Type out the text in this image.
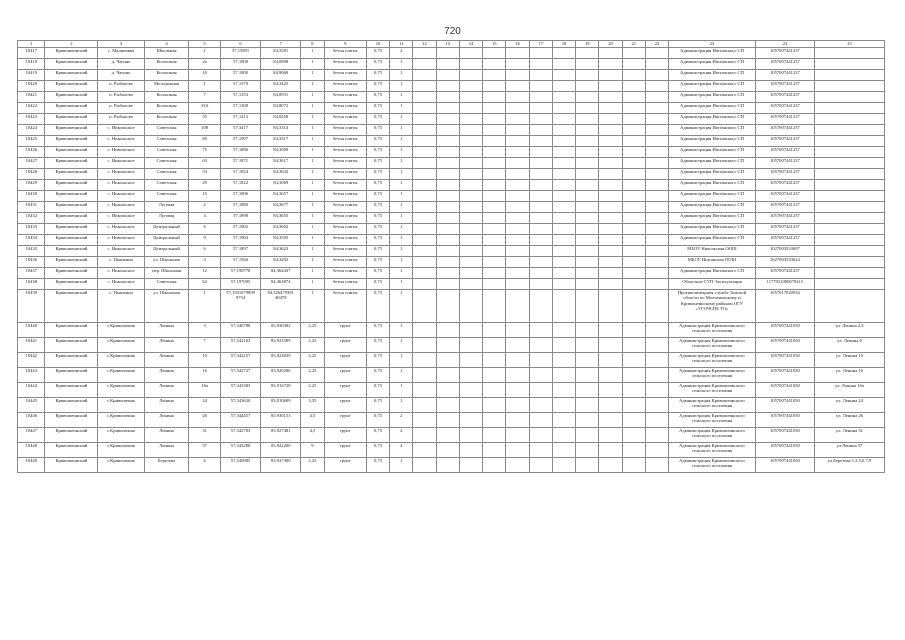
720
1	2	3	4	5	6	7	8	9	10	11	12	13	14	15	16	17	18	19	20	21	22	23	24	25
10417	Кривошеинский	с. Малиновка	Школьная	1	57,15891	84,3581	1	бетон плиты	0,75	2												Администрация Иштанского СП	1057007441237	
10418	Кривошеинский	д. Чагино	Колхозная	2а	57,1808	84,0898	1	бетон плиты	0,75	1												Администрация Иштанского СП	1057007441237	
10419	Кривошеинский	д. Чагино	Колхозная	10	57,1800	84,9069	1	бетон плиты	0,75	1												Администрация Иштанского СП	1057007441237	
10420	Кривошеинский	п. Рыбалово	Молодежная	1	57,1379	84,3425	1	бетон плиты	0,75	1												Администрация Иштанского СП	1057007441237	
10421	Кривошеинский	п. Рыбалово	Колхозная	7	57,1353	84,8931	1	бетон плиты	0,75	1												Администрация Иштанского СП	1057007441237	
10422	Кривошеинский	п. Рыбалово	Колхозная	33А	57,1300	84,8072	1	бетон плиты	0,75	1												Администрация Иштанского СП	1057007441237	
10423	Кривошеинский	п. Рыбалово	Колхозная	55	57,1413	84,8458	1	бетон плиты	0,75	1												Администрация Иштанского СП	1057007441237	
10424	Кривошеинский	с. Никольское	Советская	108	57,3417	84,3314	1	бетон плиты	0,75	1												Администрация Иштанского СП	1057007441237	
10425	Кривошеинский	с. Никольское	Советская	85	57,1997	84,3317	1	бетон плиты	0,75	1												Администрация Иштанского СП	1057007441237	
10426	Кривошеинский	с. Никольское	Советская	75	57,1886	84,3000	1	бетон плиты	0,75	1												Администрация Иштанского СП	1057007441237	
10427	Кривошеинский	с. Никольское	Советская	63	57,1871	84,3617	1	бетон плиты	0,75	1												Администрация Иштанского СП	1057007441237	
10428	Кривошеинский	с. Никольское	Советская	53	57,1854	84,3643	1	бетон плиты	0,75	1												Администрация Иштанского СП	1057007441237	
10429	Кривошеинский	с. Никольское	Советская	29	57,1822	84,3069	1	бетон плиты	0,75	1												Администрация Иштанского СП	1057007441237	
10430	Кривошеинский	с. Никольское	Советская	15	57,1806	84,3657	1	бетон плиты	0,75	1												Администрация Иштанского СП	1057007441237	
10431	Кривошеинский	с. Никольское	Луговая	2	57,1889	84,3677	1	бетон плиты	0,75	1												Администрация Иштанского СП	1057007441237	
10432	Кривошеинский	с. Никольское	Луговая	4	57,1898	84,3655	1	бетон плиты	0,75	1												Администрация Иштанского СП	1057007441237	
10433	Кривошеинский	с. Никольское	Центральный	6	57,1902	84,3602	1	бетон плиты	0,75	1												Администрация Иштанского СП	1057007441237	
10434	Кривошеинский	с. Никольское	Центральный	9	57,1904	84,3595	1	бетон плиты	0,75	1												Администрация Иштанского СП	1057007441237	
10435	Кривошеинский	с. Никольское	Центральный	6	57,1897	84,3623	1	бетон плиты	0,75	1												МБОУ Никольская ООШ	1027003533697	
10436	Кривошеинский	с. Пышкино	ул. Школьная	3	57,1566	84,3292	1	бетон плиты	0,75	1												МБОУ Иштанская ООШ	1027003533624	
10437	Кривошеинский	с. Никольское	пер. Школьная	12	57,190778	84,364437	1	бетон плиты	0,75	1												Администрация Иштанского СП	1057007441237	
10438	Кривошеинский	с. Никольское	Советская	62	57,197005	84,363874	1	бетон плиты	0,75	1												Областное ГУП Эксплуатация	1177031080079415	
10439	Кривошеинский	с. Пышкино	ул. Школьная	1	57,1591679899 9754	84,326479391 49478	1	бетон плиты	0,75	1												Противопожарная служба Томской области по Молчановскому и Кривошеинскому районам ОГУ «УГОЧСПБ ТО»	1057017020934	
10440	Кривошеинский	с.Кривошеино	Ленина	3	57,340788	83,930382	2,25	грунт	0,75	1												Администрация Кривошеинского сельского поселения	1057007441050	ул. Ленина 2,3
10441	Кривошеинский	с.Кривошеино	Ленина	7	57,342163	83,923589	2,25	грунт	0,75	1												Администрация Кривошеинского сельского поселения	1057007441050	ул. Ленина 6
10442	Кривошеинский	с.Кривошеино	Ленина	10	57,342257	83,924839	2,25	грунт	0,75	1												Администрация Кривошеинского сельского поселения	1057007441050	ул. Ленина 10
10443	Кривошеинский	с.Кривошеино	Ленина	16	57,342727	83,920286	2,25	грунт	0,75	1												Администрация Кривошеинского сельского поселения	1057007441050	ул. Ленина 16
10444	Кривошеинский	с.Кривошеино	Ленина	16а	57,343383	83,913728	2,25	грунт	0,75	1												Администрация Кривошеинского сельского поселения	1057007441050	ул. Ленина 16а
10445	Кривошеинский	с.Кривошеино	Ленина	24	57,343630	83,910609	3,35	грунт	0,75	1												Администрация Кривошеинского сельского поселения	1057007441050	ул. Ленина 24
10446	Кривошеинский	с.Кривошеино	Ленина	26	57,344457	83,930153	4,5	грунт	0,75	2												Администрация Кривошеинского сельского поселения	1057007441050	ул. Ленина 26
10447	Кривошеинский	с.Кривошеино	Ленина	31	57,342703	83,927481	4,5	грунт	0,75	2												Администрация Кривошеинского сельского поселения	1057007441050	ул. Ленина 31
10448	Кривошеинский	с.Кривошеино	Ленина	37	57,343280	83,922200	9	грунт	0,75	4												Администрация Кривошеинского сельского поселения	1057007441050	ул.Ленина 37
10449	Кривошеинский	с.Кривошеино	Березова	6	57,340985	83,937490	2,25	грунт	0,75	1												Администрация Кривошеинского сельского поселения	1057007441050	ул.Березова 1,3,5,6,7,9
